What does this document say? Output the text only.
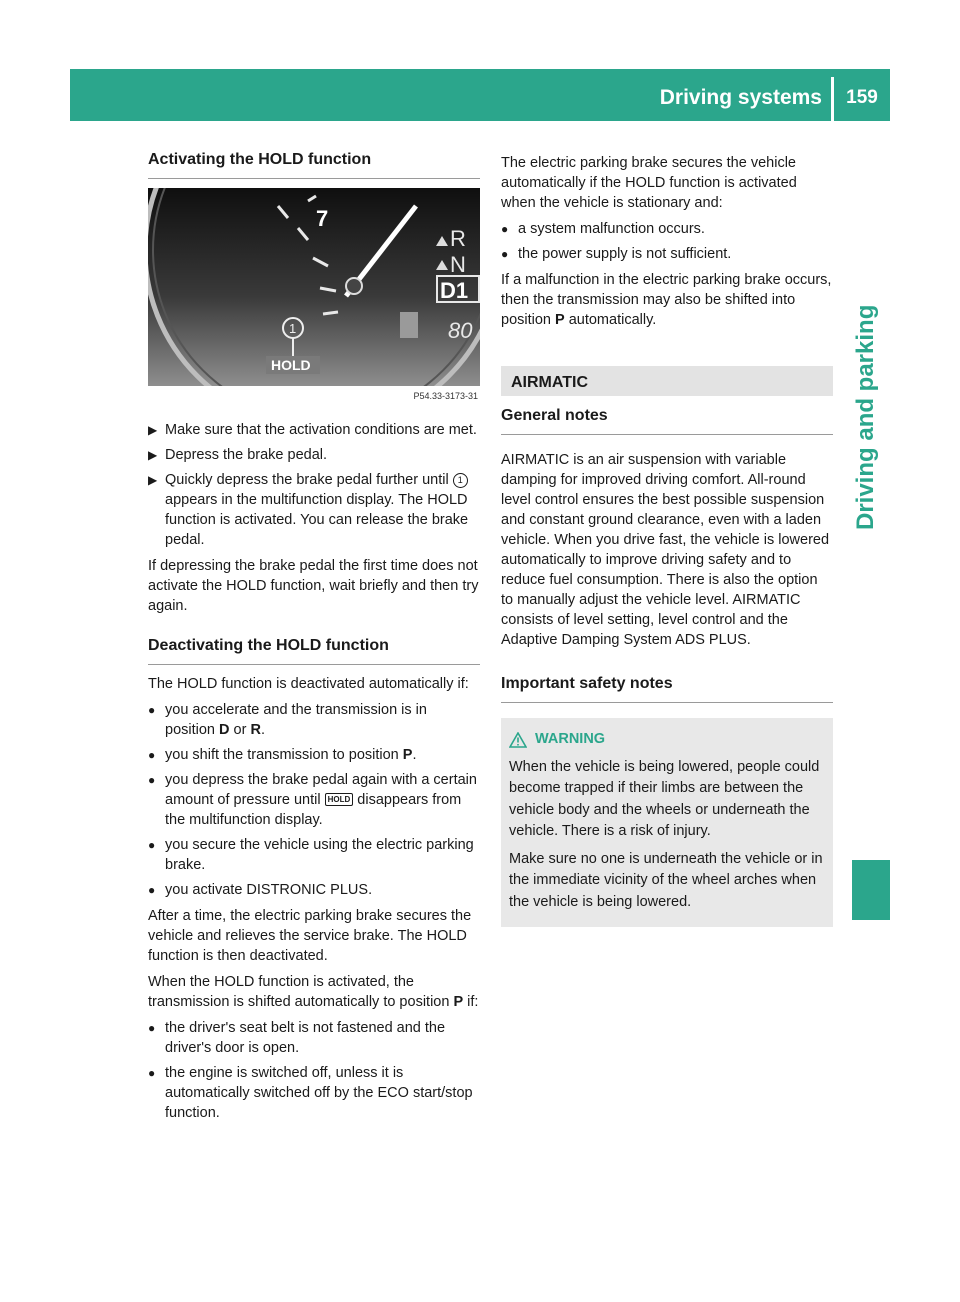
Driving systems	159
Driving and parking
Activating the HOLD function
7
R
N
D1
80
1
HOLD
P54.33-3173-31
▶ Make sure that the activation conditions are met.
▶ Depress the brake pedal.
▶ Quickly depress the brake pedal further until 1 appears in the multifunction display. The HOLD function is activated. You can release the brake pedal.

If depressing the brake pedal the first time does not activate the HOLD function, wait briefly and then try again.

Deactivating the HOLD function

The HOLD function is deactivated automatically if:

● you accelerate and the transmission is in position D or R.
● you shift the transmission to position P.
● you depress the brake pedal again with a certain amount of pressure until HOLD disappears from the multifunction display.
● you secure the vehicle using the electric parking brake.
● you activate DISTRONIC PLUS.

After a time, the electric parking brake secures the vehicle and relieves the service brake. The HOLD function is then deactivated.

When the HOLD function is activated, the transmission is shifted automatically to position P if:

● the driver's seat belt is not fastened and the driver's door is open.
● the engine is switched off, unless it is automatically switched off by the ECO start/stop function.

The electric parking brake secures the vehicle automatically if the HOLD function is activated when the vehicle is stationary and:

● a system malfunction occurs.
● the power supply is not sufficient.

If a malfunction in the electric parking brake occurs, then the transmission may also be shifted into position P automatically.

AIRMATIC
General notes

AIRMATIC is an air suspension with variable damping for improved driving comfort. All-round level control ensures the best possible suspension and constant ground clearance, even with a laden vehicle. When you drive fast, the vehicle is lowered automatically to improve driving safety and to reduce fuel consumption. There is also the option to manually adjust the vehicle level. AIRMATIC consists of level setting, level control and the Adaptive Damping System ADS PLUS.

Important safety notes
WARNING

When the vehicle is being lowered, people could become trapped if their limbs are between the vehicle body and the wheels or underneath the vehicle. There is a risk of injury.

Make sure no one is underneath the vehicle or in the immediate vicinity of the wheel arches when the vehicle is being lowered.
